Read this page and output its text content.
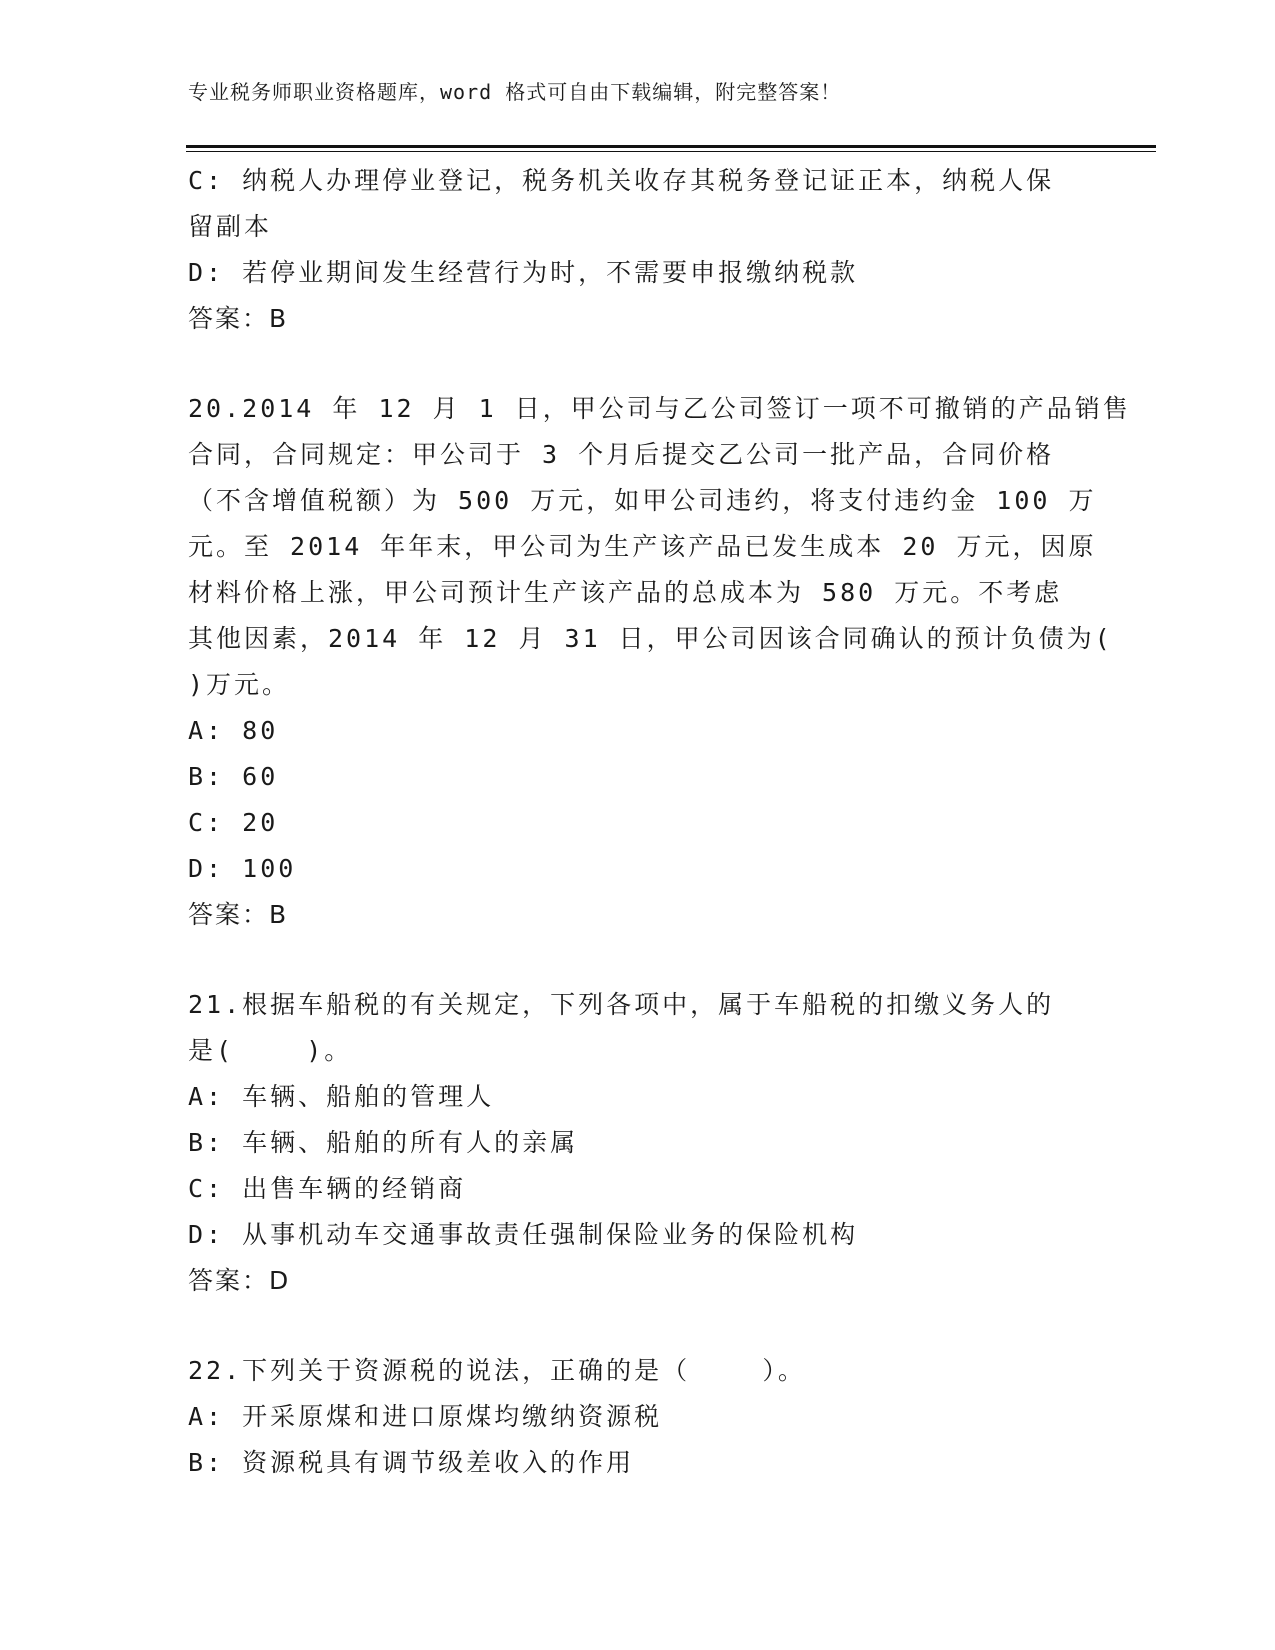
专业税务师职业资格题库，word 格式可自由下载编辑，附完整答案！
C: 纳税人办理停业登记，税务机关收存其税务登记证正本，纳税人保
留副本
D: 若停业期间发生经营行为时，不需要申报缴纳税款
答案：B
20.2014 年 12 月 1 日，甲公司与乙公司签订一项不可撤销的产品销售
合同，合同规定：甲公司于 3 个月后提交乙公司一批产品，合同价格
（不含增值税额）为 500 万元，如甲公司违约，将支付违约金 100 万
元。至 2014 年年末，甲公司为生产该产品已发生成本 20 万元，因原
材料价格上涨，甲公司预计生产该产品的总成本为 580 万元。不考虑
其他因素，2014 年 12 月 31 日，甲公司因该合同确认的预计负债为(
)万元。
A: 80
B: 60
C: 20
D: 100
答案：B
21.根据车船税的有关规定，下列各项中，属于车船税的扣缴义务人的
是(    )。
A: 车辆、船舶的管理人
B: 车辆、船舶的所有人的亲属
C: 出售车辆的经销商
D: 从事机动车交通事故责任强制保险业务的保险机构
答案：D
22.下列关于资源税的说法，正确的是（    ）。
A: 开采原煤和进口原煤均缴纳资源税
B: 资源税具有调节级差收入的作用
